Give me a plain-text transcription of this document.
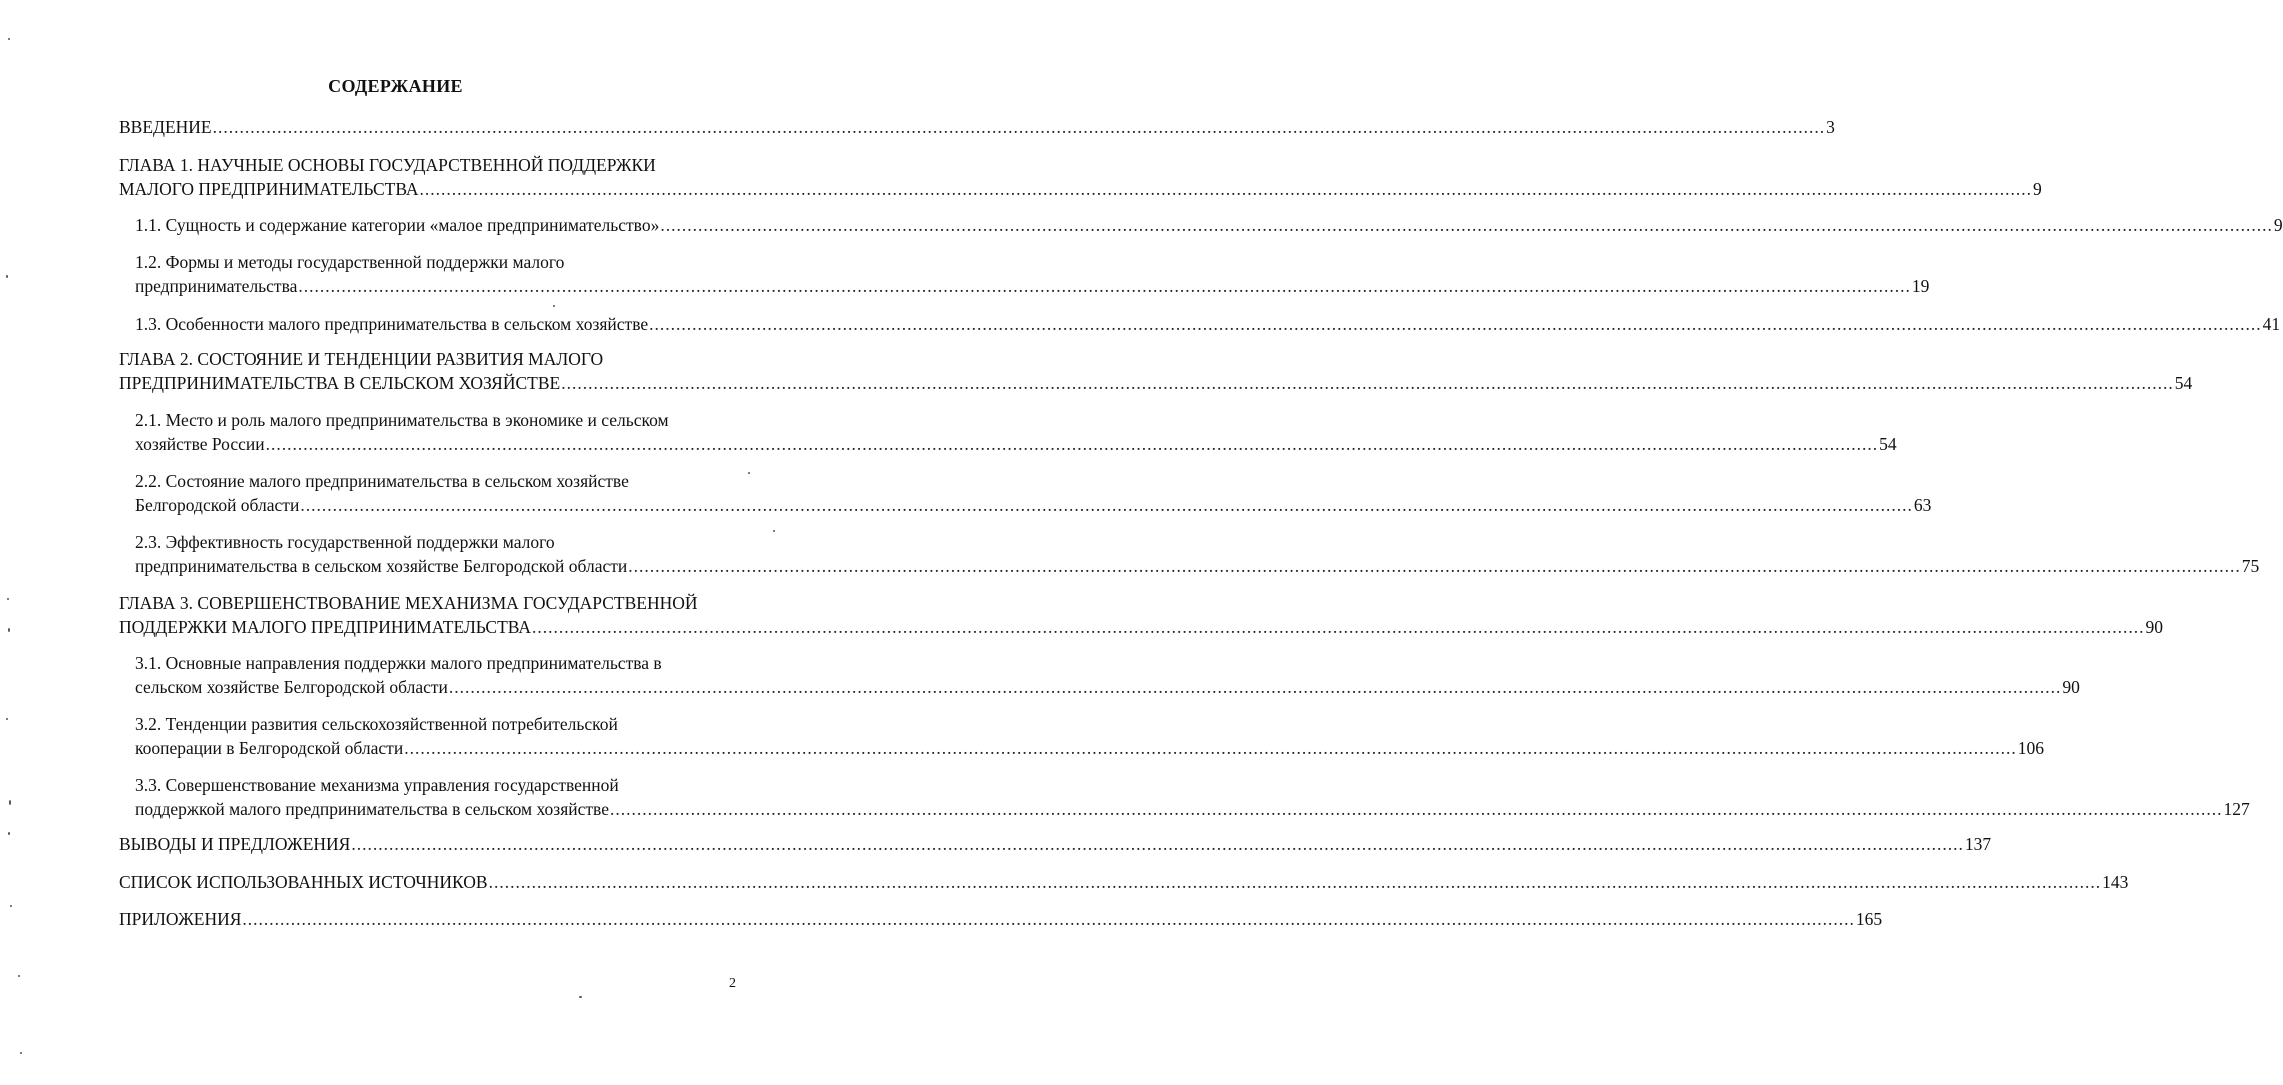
СОДЕРЖАНИЕ
ВВЕДЕНИЕ ............................................................................................................................................................................................................................................................................................................ 3
ГЛАВА 1. НАУЧНЫЕ ОСНОВЫ ГОСУДАРСТВЕННОЙ ПОДДЕРЖКИ
МАЛОГО ПРЕДПРИНИМАТЕЛЬСТВА ............................................................................................................................................................................................................................................................................................................ 9
1.1. Сущность и содержание категории «малое предпринимательство» ............................................................................................................................................................................................................................................................................................................ 9
1.2. Формы и методы государственной поддержки малого
предпринимательства ............................................................................................................................................................................................................................................................................................................ 19
1.3. Особенности малого предпринимательства в сельском хозяйстве ............................................................................................................................................................................................................................................................................................................ 41
ГЛАВА 2. СОСТОЯНИЕ И ТЕНДЕНЦИИ РАЗВИТИЯ МАЛОГО
ПРЕДПРИНИМАТЕЛЬСТВА В СЕЛЬСКОМ ХОЗЯЙСТВЕ ............................................................................................................................................................................................................................................................................................................ 54
2.1. Место и роль малого предпринимательства в экономике и сельском
хозяйстве России ............................................................................................................................................................................................................................................................................................................ 54
2.2. Состояние малого предпринимательства в сельском хозяйстве
Белгородской области ............................................................................................................................................................................................................................................................................................................ 63
2.3. Эффективность государственной поддержки малого
предпринимательства в сельском хозяйстве Белгородской области ............................................................................................................................................................................................................................................................................................................ 75
ГЛАВА 3. СОВЕРШЕНСТВОВАНИЕ МЕХАНИЗМА ГОСУДАРСТВЕННОЙ
ПОДДЕРЖКИ МАЛОГО ПРЕДПРИНИМАТЕЛЬСТВА ............................................................................................................................................................................................................................................................................................................ 90
3.1. Основные направления поддержки малого предпринимательства в
сельском хозяйстве Белгородской области ............................................................................................................................................................................................................................................................................................................ 90
3.2. Тенденции развития сельскохозяйственной потребительской
кооперации в Белгородской области ............................................................................................................................................................................................................................................................................................................ 106
3.3. Совершенствование механизма управления государственной
поддержкой малого предпринимательства в сельском хозяйстве ............................................................................................................................................................................................................................................................................................................ 127
ВЫВОДЫ И ПРЕДЛОЖЕНИЯ ............................................................................................................................................................................................................................................................................................................ 137
СПИСОК ИСПОЛЬЗОВАННЫХ ИСТОЧНИКОВ ............................................................................................................................................................................................................................................................................................................ 143
ПРИЛОЖЕНИЯ ............................................................................................................................................................................................................................................................................................................ 165
2
